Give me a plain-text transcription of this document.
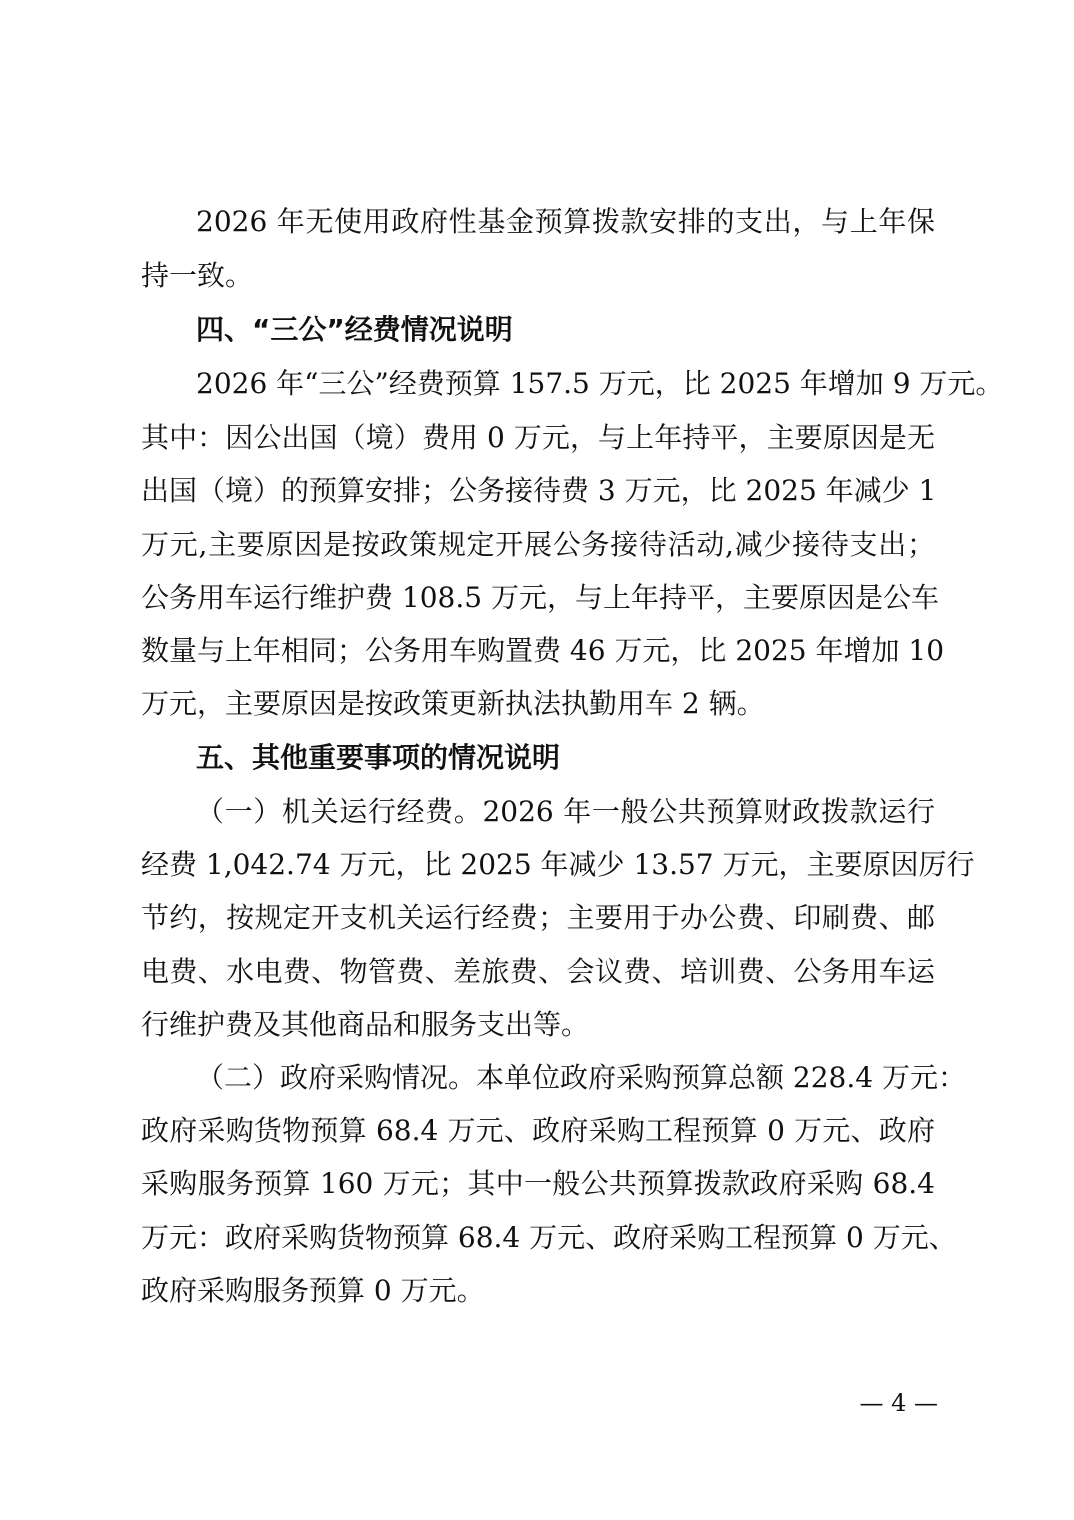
2026 年无使用政府性基金预算拨款安排的支出，与上年保
持一致。
四、“三公”经费情况说明
2026 年“三公”经费预算 157.5 万元，比 2025 年增加 9 万元。
其中：因公出国（境）费用 0 万元，与上年持平，主要原因是无
出国（境）的预算安排；公务接待费 3 万元，比 2025 年减少 1
万元,主要原因是按政策规定开展公务接待活动,减少接待支出；
公务用车运行维护费 108.5 万元，与上年持平，主要原因是公车
数量与上年相同；公务用车购置费 46 万元，比 2025 年增加 10
万元，主要原因是按政策更新执法执勤用车 2 辆。
五、其他重要事项的情况说明
（一）机关运行经费。2026 年一般公共预算财政拨款运行
经费 1,042.74 万元，比 2025 年减少 13.57 万元，主要原因厉行
节约，按规定开支机关运行经费；主要用于办公费、印刷费、邮
电费、水电费、物管费、差旅费、会议费、培训费、公务用车运
行维护费及其他商品和服务支出等。
（二）政府采购情况。本单位政府采购预算总额 228.4 万元：
政府采购货物预算 68.4 万元、政府采购工程预算 0 万元、政府
采购服务预算 160 万元；其中一般公共预算拨款政府采购 68.4
万元：政府采购货物预算 68.4 万元、政府采购工程预算 0 万元、
政府采购服务预算 0 万元。
— 4 —
